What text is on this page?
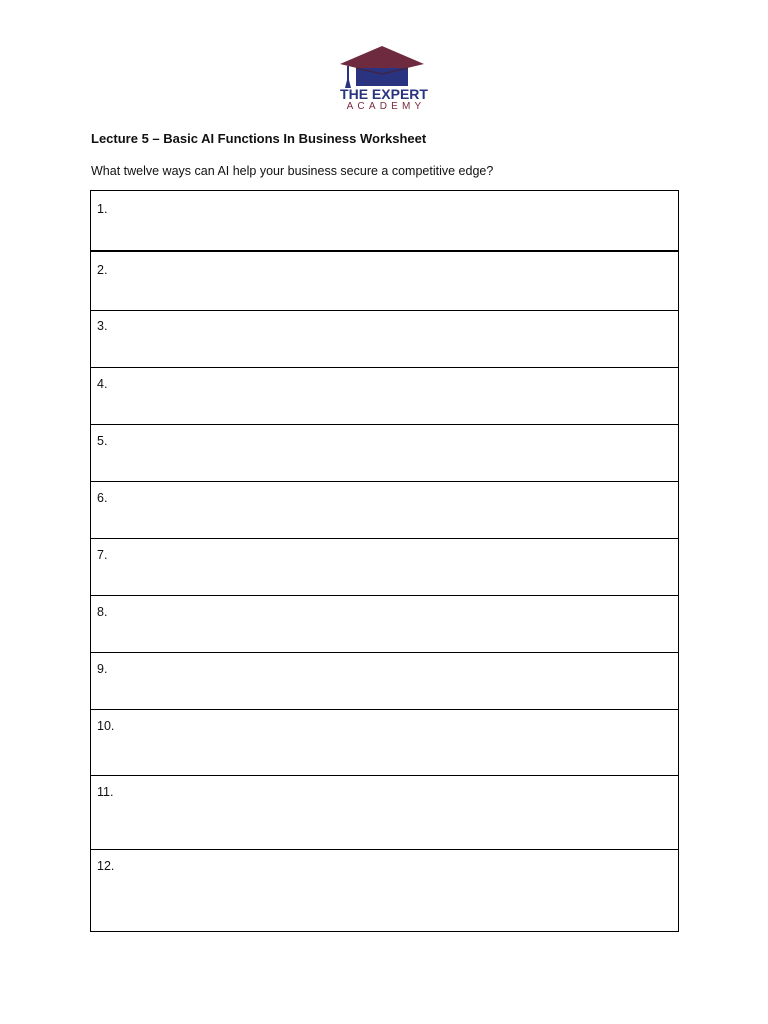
THE EXPERT
ACADEMY
Lecture 5 – Basic AI Functions In Business Worksheet
What twelve ways can AI help your business secure a competitive edge?
1.
2.
3.
4.
5.
6.
7.
8.
9.
10.
11.
12.
